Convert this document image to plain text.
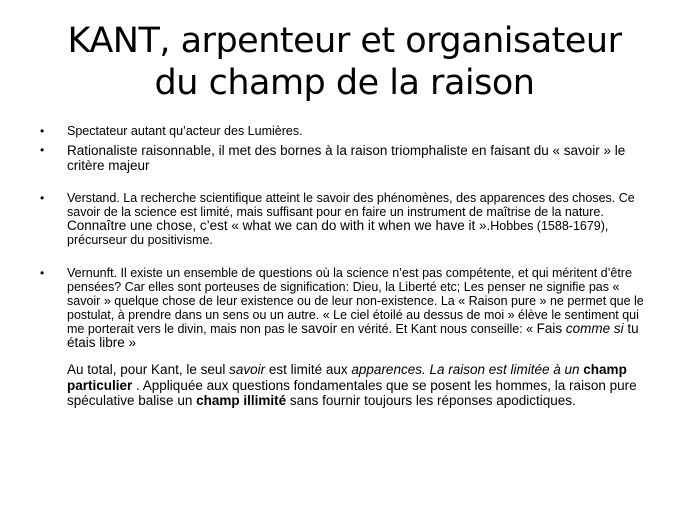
KANT, arpenteur et organisateur
du champ de la raison
• Spectateur autant qu’acteur des Lumières.
• Rationaliste raisonnable, il met des bornes à la raison triomphaliste en faisant du « savoir » le critère majeur
• Verstand. La recherche scientifique atteint le savoir des phénomènes, des apparences des choses. Ce savoir de la science est limité, mais suffisant pour en faire un instrument de maîtrise de la nature. Connaître une chose, c’est « what we can do with it when we have it ».Hobbes (1588-1679), précurseur du positivisme.
• Vernunft. Il existe un ensemble de questions où la science n’est pas compétente, et qui méritent d’être pensées? Car elles sont porteuses de signification: Dieu, la Liberté etc; Les penser ne signifie pas « savoir » quelque chose de leur existence ou de leur non-existence. La « Raison pure » ne permet que le postulat, à prendre dans un sens ou un autre. « Le ciel étoilé au dessus de moi » élève le sentiment qui me porterait vers le divin, mais non pas le savoir en vérité. Et Kant nous conseille: « Fais comme si tu étais libre »

Au total, pour Kant, le seul savoir est limité aux apparences. La raison est limitée à un champ particulier . Appliquée aux questions fondamentales que se posent les hommes, la raison pure spéculative balise un champ illimité sans fournir toujours les réponses apodictiques.
